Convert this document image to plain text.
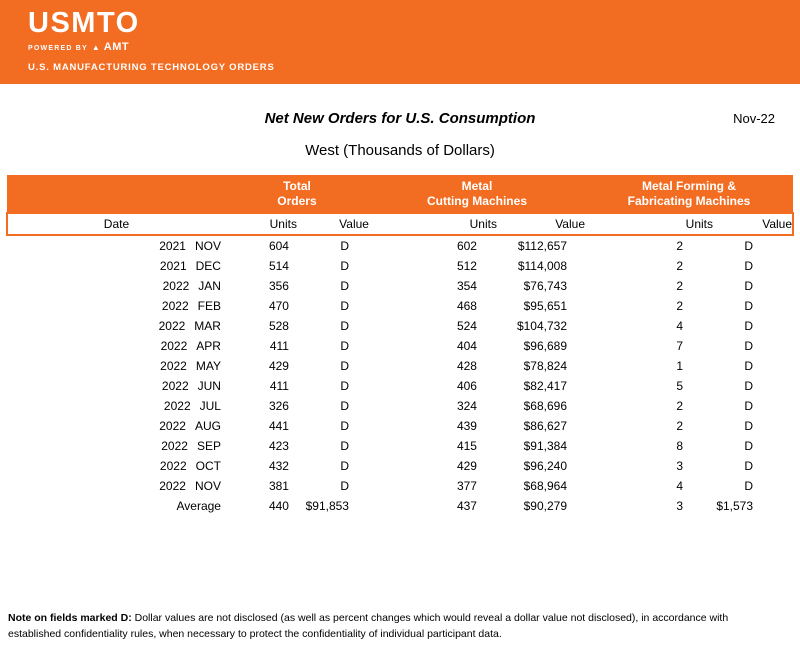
USMTO
POWERED BY ▲ AMT
U.S. MANUFACTURING TECHNOLOGY ORDERS
Net New Orders for U.S. Consumption	Nov-22
West (Thousands of Dollars)

Total
Orders

Metal
Cutting Machines

Metal Forming &
Fabricating Machines

Date	Units	Value	Units	Value	Units	Value
2021 NOV	604	D	602	$112,657	2	D
2021 DEC	514	D	512	$114,008	2	D
2022 JAN	356	D	354	$76,743	2	D
2022 FEB	470	D	468	$95,651	2	D
2022 MAR	528	D	524	$104,732	4	D
2022 APR	411	D	404	$96,689	7	D
2022 MAY	429	D	428	$78,824	1	D
2022 JUN	411	D	406	$82,417	5	D
2022 JUL	326	D	324	$68,696	2	D
2022 AUG	441	D	439	$86,627	2	D
2022 SEP	423	D	415	$91,384	8	D
2022 OCT	432	D	429	$96,240	3	D
2022 NOV	381	D	377	$68,964	4	D
Average	440	$91,853	437	$90,279	3	$1,573
Note on fields marked D: Dollar values are not disclosed (as well as percent changes which would reveal a dollar value not disclosed), in accordance with established confidentiality rules, when necessary to protect the confidentiality of individual participant data.
